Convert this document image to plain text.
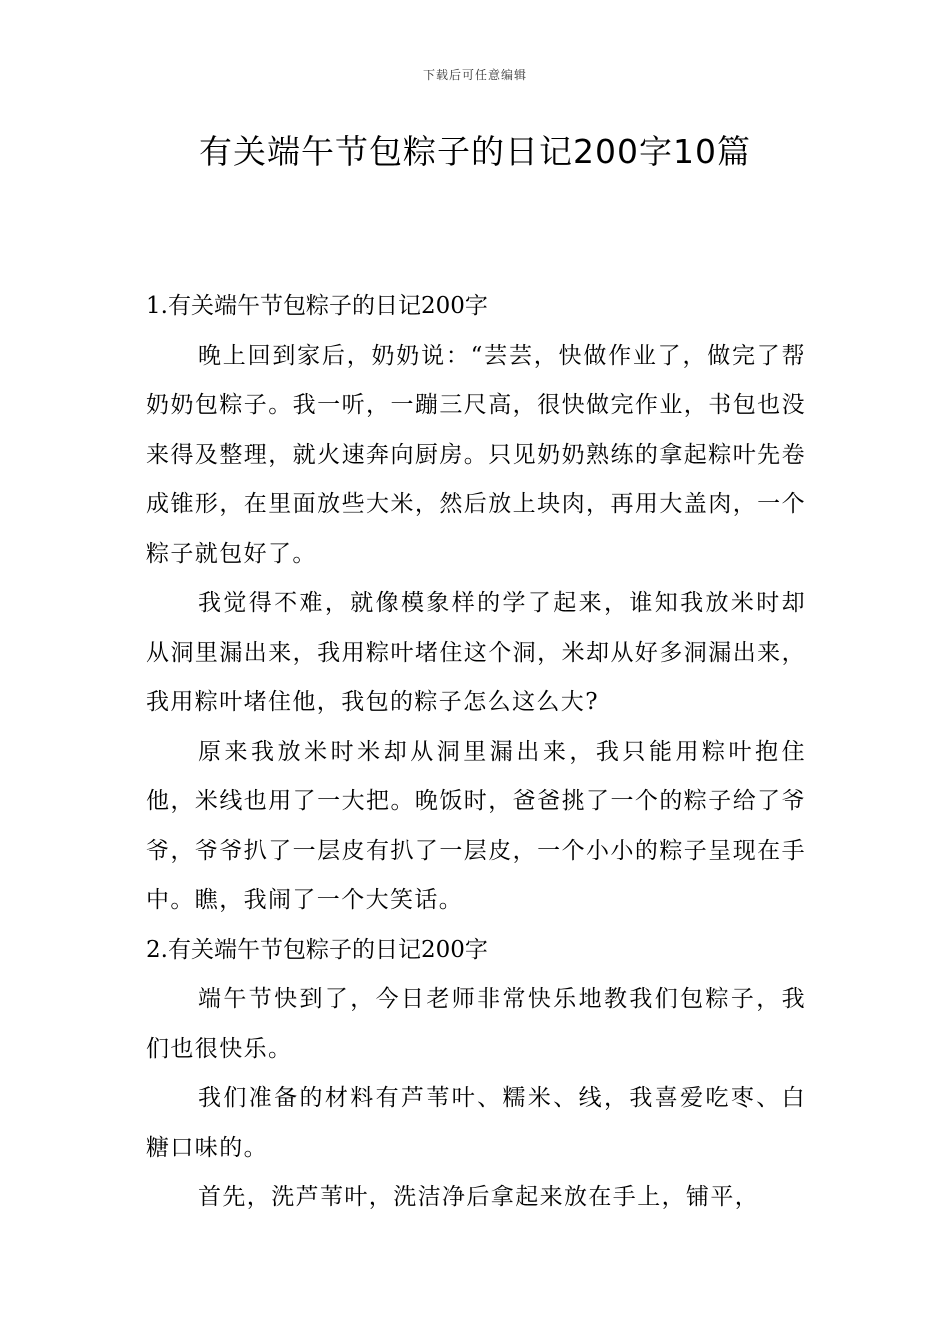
下载后可任意编辑
有关端午节包粽子的日记200字10篇
1.有关端午节包粽子的日记200字

晚上回到家后，奶奶说：“芸芸，快做作业了，做完了帮奶奶包粽子。我一听，一蹦三尺高，很快做完作业，书包也没来得及整理，就火速奔向厨房。只见奶奶熟练的拿起粽叶先卷成锥形，在里面放些大米，然后放上块肉，再用大盖肉，一个粽子就包好了。

我觉得不难，就像模象样的学了起来，谁知我放米时却从洞里漏出来，我用粽叶堵住这个洞，米却从好多洞漏出来，我用粽叶堵住他，我包的粽子怎么这么大?

原来我放米时米却从洞里漏出来，我只能用粽叶抱住他，米线也用了一大把。晚饭时，爸爸挑了一个的粽子给了爷爷，爷爷扒了一层皮有扒了一层皮，一个小小的粽子呈现在手中。瞧，我闹了一个大笑话。

2.有关端午节包粽子的日记200字

端午节快到了，今日老师非常快乐地教我们包粽子，我们也很快乐。

我们准备的材料有芦苇叶、糯米、线，我喜爱吃枣、白糖口味的。

首先，洗芦苇叶，洗洁净后拿起来放在手上，铺平，
